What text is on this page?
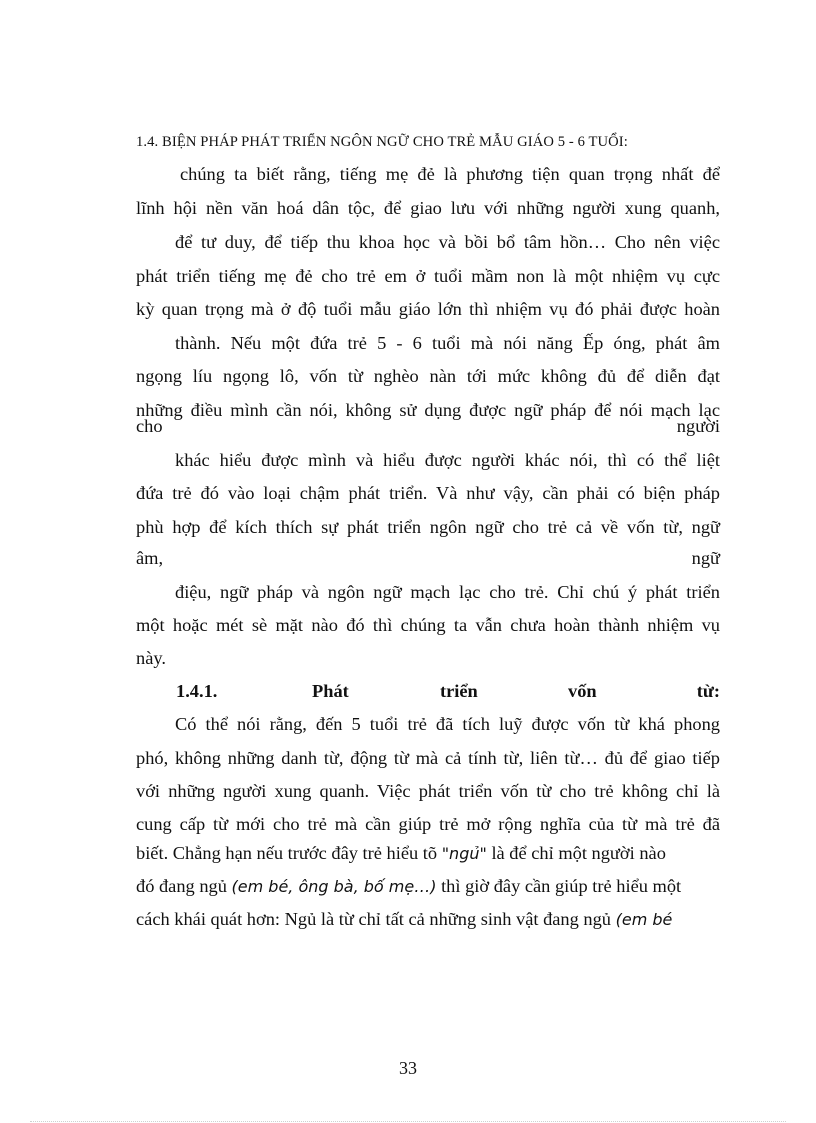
1.4. BIỆN PHÁP PHÁT TRIỂN NGÔN NGỮ CHO TRẺ MẪU GIÁO 5 - 6 TUỔI:
chúng ta biết rằng, tiếng mẹ đẻ là phương tiện quan trọng nhất để
lĩnh hội nền văn hoá dân tộc, để giao lưu với những người xung quanh,
để tư duy, để tiếp thu khoa học và bồi bổ tâm hồn… Cho nên việc
phát triển tiếng mẹ đẻ cho trẻ em ở tuổi mầm non là một nhiệm vụ cực
kỳ quan trọng mà ở độ tuổi mẫu giáo lớn thì nhiệm vụ đó phải được hoàn
thành. Nếu một đứa trẻ 5 - 6 tuổi mà nói năng Ếp óng, phát âm
ngọng líu ngọng lô, vốn từ nghèo nàn tới mức không đủ để diễn đạt
những điều mình cần nói, không sử dụng được ngữ pháp để nói mạch lạc
cho	người
khác hiểu được mình và hiểu được người khác nói, thì có thể liệt
đứa trẻ đó vào loại chậm phát triển. Và như vậy, cần phải có biện pháp
phù hợp để kích thích sự phát triển ngôn ngữ cho trẻ cả về vốn từ, ngữ
âm,	ngữ
điệu, ngữ pháp và ngôn ngữ mạch lạc cho trẻ. Chỉ chú ý phát triển
một hoặc mét sè mặt nào đó thì chúng ta vẫn chưa hoàn thành nhiệm vụ
này.
1.4.1.	Phát	triển	vốn	từ:
Có thể nói rằng, đến 5 tuổi trẻ đã tích luỹ được vốn từ khá phong
phó, không những danh từ, động từ mà cả tính từ, liên từ… đủ để giao tiếp
với những người xung quanh. Việc phát triển vốn từ cho trẻ không chỉ là
cung cấp từ mới cho trẻ mà cần giúp trẻ mở rộng nghĩa của từ mà trẻ đã
biết. Chẳng hạn nếu trước đây trẻ hiểu tõ "ngủ" là để chỉ một người nào
đó đang ngủ (em bé, ông bà, bố mẹ…) thì giờ đây cần giúp trẻ hiểu một
cách khái quát hơn: Ngủ là từ chỉ tất cả những sinh vật đang ngủ (em bé
33
